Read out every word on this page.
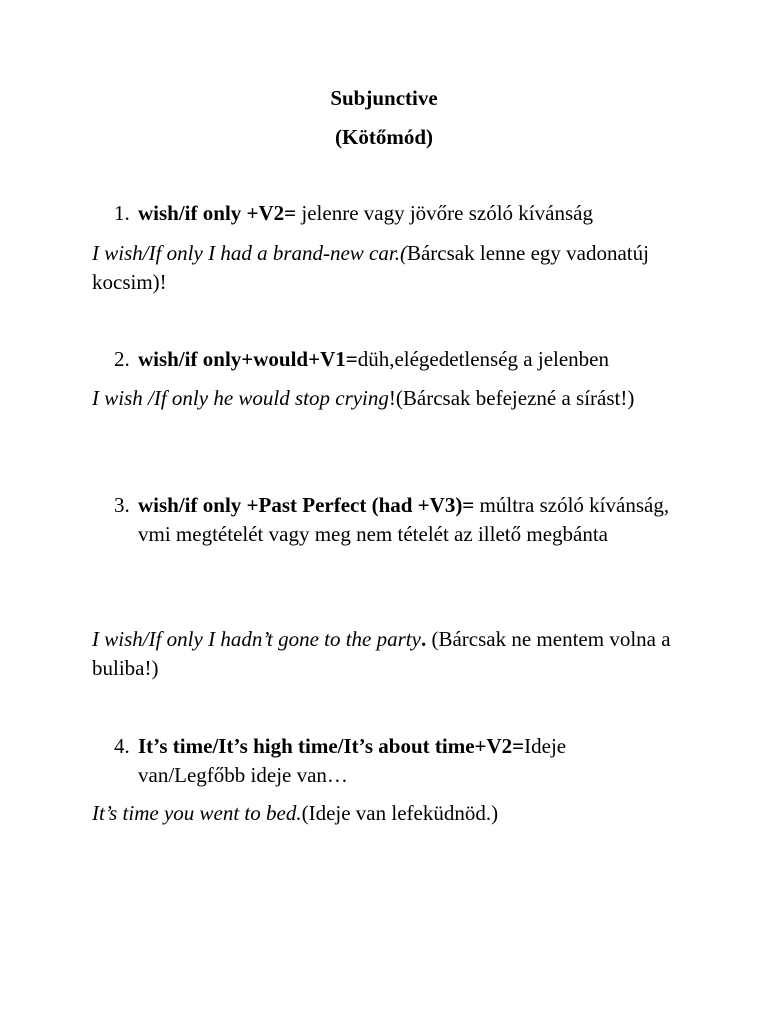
Subjunctive

(Kötőmód)

1. wish/if only +V2= jelenre vagy jövőre szóló kívánság

I wish/If only I had a brand-new car.(Bárcsak lenne egy vadonatúj kocsim)!

2. wish/if only+would+V1=düh,elégedetlenség a jelenben

I wish /If only he would stop crying!(Bárcsak befejezné a sírást!)

3. wish/if only +Past Perfect (had +V3)= múltra szóló kívánság, vmi megtételét vagy meg nem tételét az illető megbánta

I wish/If only I hadn’t gone to the party. (Bárcsak ne mentem volna a buliba!)

4. It’s time/It’s high time/It’s about time+V2=Ideje van/Legfőbb ideje van…

It’s time you went to bed.(Ideje van lefeküdnöd.)
